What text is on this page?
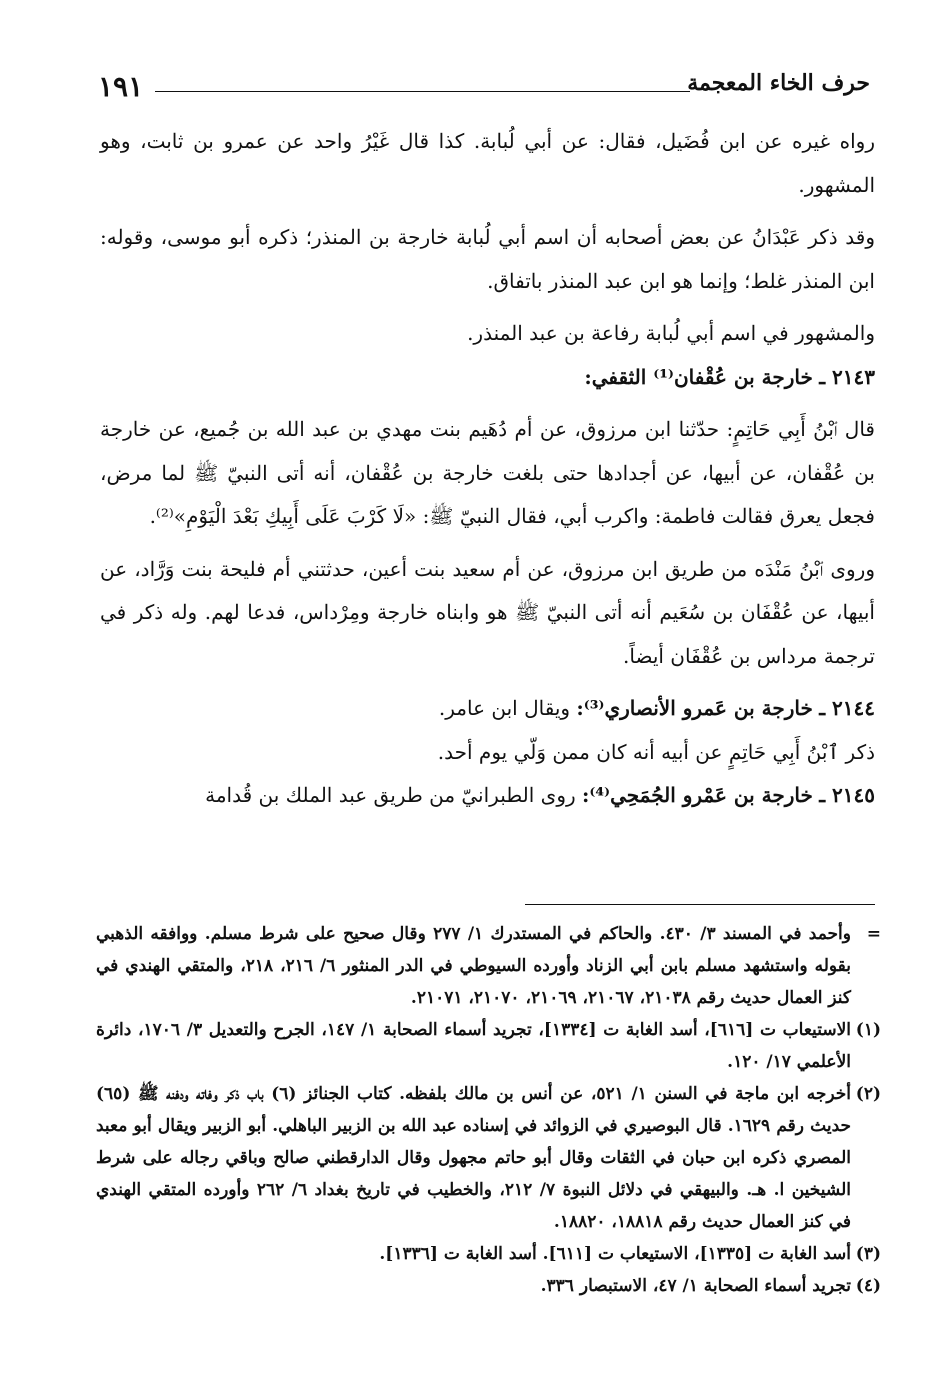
١٩١	حرف الخاء المعجمة

رواه غيره عن ابن فُضَيل، فقال: عن أبي لُبابة. كذا قال غَيْرُ واحد عن عمرو بن ثابت، وهو المشهور.

وقد ذكر عَبْدَانُ عن بعض أصحابه أن اسم أبي لُبابة خارجة بن المنذر؛ ذكره أبو موسى، وقوله: ابن المنذر غلط؛ وإنما هو ابن عبد المنذر باتفاق.

والمشهور في اسم أبي لُبابة رفاعة بن عبد المنذر.

٢١٤٣ ـ خارجة بن عُقْفان⁽¹⁾ الثقفي:

قال ٱبْنُ أَبِي حَاتِمٍ: حدّثنا ابن مرزوق، عن أم دُهَيم بنت مهدي بن عبد الله بن جُميع، عن خارجة بن عُقْفان، عن أبيها، عن أجدادها حتى بلغت خارجة بن عُقْفان، أنه أتى النبيّ ﷺ لما مرض، فجعل يعرق فقالت فاطمة: واكرب أبي، فقال النبيّ ﷺ: «لَا كَرْبَ عَلَى أَبِيكِ بَعْدَ الْيَوْمِ»⁽²⁾.

وروى ٱبْنُ مَنْدَه من طريق ابن مرزوق، عن أم سعيد بنت أعين، حدثتني أم فليحة بنت وَرَّاد، عن أبيها، عن عُقْفَان بن سُعَيم أنه أتى النبيّ ﷺ هو وابناه خارجة ومِرْداس، فدعا لهم. وله ذكر في ترجمة مرداس بن عُقْفَان أيضاً.

٢١٤٤ ـ خارجة بن عَمرو الأنصاري⁽³⁾: ويقال ابن عامر.

ذكر ٱبْنُ أَبِي حَاتِمٍ عن أبيه أنه كان ممن وَلّي يوم أحد.

٢١٤٥ ـ خارجة بن عَمْرو الجُمَحِي⁽⁴⁾: روى الطبرانيّ من طريق عبد الملك بن قُدامة

=
وأحمد في المسند ٣/ ٤٣٠. والحاكم في المستدرك ١/ ٢٧٧ وقال صحيح على شرط مسلم. ووافقه الذهبي بقوله واستشهد مسلم بابن أبي الزناد وأورده السيوطي في الدر المنثور ٦/ ٢١٦، ٢١٨، والمتقي الهندي في كنز العمال حديث رقم ٢١٠٣٨، ٢١٠٦٧، ٢١٠٦٩، ٢١٠٧٠، ٢١٠٧١.
(١)
الاستيعاب ت [٦١٦]، أسد الغابة ت [١٣٣٤]، تجريد أسماء الصحابة ١/ ١٤٧، الجرح والتعديل ٣/ ١٧٠٦، دائرة الأعلمي ١٧/ ١٢٠.
(٢)
أخرجه ابن ماجة في السنن ١/ ٥٢١، عن أنس بن مالك بلفظه. كتاب الجنائز (٦) باب ذكر وفاته ودفنه ﷺ (٦٥) حديث رقم ١٦٢٩. قال البوصيري في الزوائد في إسناده عبد الله بن الزبير الباهلي. أبو الزبير ويقال أبو معبد المصري ذكره ابن حبان في الثقات وقال أبو حاتم مجهول وقال الدارقطني صالح وباقي رجاله على شرط الشيخين ا. هـ. والبيهقي في دلائل النبوة ٧/ ٢١٢، والخطيب في تاريخ بغداد ٦/ ٢٦٢ وأورده المتقي الهندي في كنز العمال حديث رقم ١٨٨١٨، ١٨٨٢٠.
(٣)
أسد الغابة ت [١٣٣٥]، الاستيعاب ت [٦١١]. أسد الغابة ت [١٣٣٦].
(٤)
تجريد أسماء الصحابة ١/ ٤٧، الاستبصار ٣٣٦.
